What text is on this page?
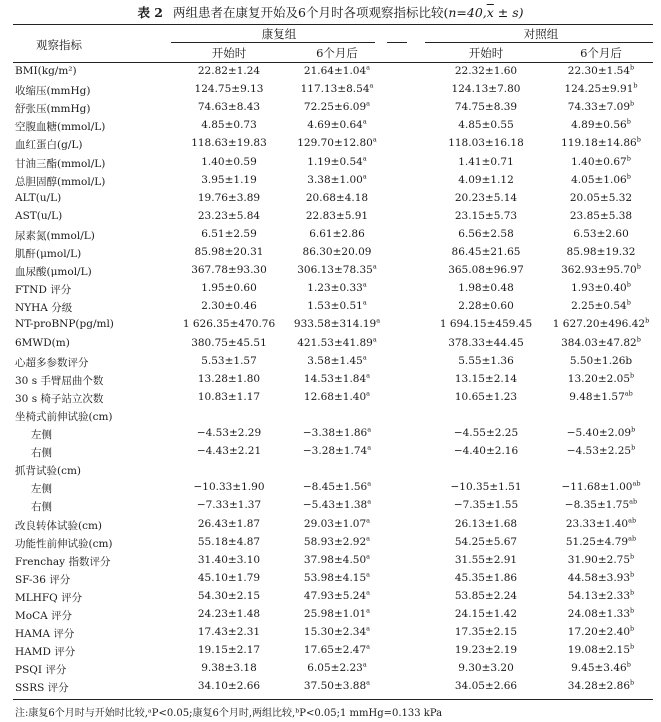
表 2 两组患者在康复开始及6个月时各项观察指标比较$(n=40,\overline{x} \pm s)$
观察指标
康复组	对照组
开始时	6个月后	开始时	6个月后
BMI(kg/m²)	22.82±1.24	21.64±1.04$^a$	22.32±1.60	22.30±1.54$^b$
收缩压(mmHg)	124.75±9.13	117.13±8.54$^a$	124.13±7.80	124.25±9.91$^b$
舒张压(mmHg)	74.63±8.43	72.25±6.09$^a$	74.75±8.39	74.33±7.09$^b$
空腹血糖(mmol/L)	4.85±0.73	4.69±0.64$^a$	4.85±0.55	4.89±0.56$^b$
血红蛋白(g/L)	118.63±19.83	129.70±12.80$^a$	118.03±16.18	119.18±14.86$^b$
甘油三酯(mmol/L)	1.40±0.59	1.19±0.54$^a$	1.41±0.71	1.40±0.67$^b$
总胆固醇(mmol/L)	3.95±1.19	3.38±1.00$^a$	4.09±1.12	4.05±1.06$^b$
ALT(u/L)	19.76±3.89	20.68±4.18	20.23±5.14	20.05±5.32
AST(u/L)	23.23±5.84	22.83±5.91	23.15±5.73	23.85±5.38
尿素氮(mmol/L)	6.51±2.59	6.61±2.86	6.56±2.58	6.53±2.60
肌酐(μmol/L)	85.98±20.31	86.30±20.09	86.45±21.65	85.98±19.32
血尿酸(μmol/L)	367.78±93.30	306.13±78.35$^a$	365.08±96.97	362.93±95.70$^b$
FTND 评分	1.95±0.60	1.23±0.33$^a$	1.98±0.48	1.93±0.40$^b$
NYHA 分级	2.30±0.46	1.53±0.51$^a$	2.28±0.60	2.25±0.54$^b$
NT-proBNP(pg/ml)	1 626.35±470.76	933.58±314.19$^a$	1 694.15±459.45	1 627.20±496.42$^b$
6MWD(m)	380.75±45.51	421.53±41.89$^a$	378.33±44.45	384.03±47.82$^b$
心超多参数评分	5.53±1.57	3.58±1.45$^a$	5.55±1.36	5.50±1.26b
30 s 手臂屈曲个数	13.28±1.80	14.53±1.84$^a$	13.15±2.14	13.20±2.05$^b$
30 s 椅子站立次数	10.83±1.17	12.68±1.40$^a$	10.65±1.23	9.48±1.57$^{ab}$
坐椅式前伸试验(cm)
左侧	−4.53±2.29	−3.38±1.86$^a$	−4.55±2.25	−5.40±2.09$^b$
右侧	−4.43±2.21	−3.28±1.74$^a$	−4.40±2.16	−4.53±2.25$^b$
抓背试验(cm)
左侧	−10.33±1.90	−8.45±1.56$^a$	−10.35±1.51	−11.68±1.00$^{ab}$
右侧	−7.33±1.37	−5.43±1.38$^a$	−7.35±1.55	−8.35±1.75$^{ab}$
改良转体试验(cm)	26.43±1.87	29.03±1.07$^a$	26.13±1.68	23.33±1.40$^{ab}$
功能性前伸试验(cm)	55.18±4.87	58.93±2.92$^a$	54.25±5.67	51.25±4.79$^{ab}$
Frenchay 指数评分	31.40±3.10	37.98±4.50$^a$	31.55±2.91	31.90±2.75$^b$
SF-36 评分	45.10±1.79	53.98±4.15$^a$	45.35±1.86	44.58±3.93$^b$
MLHFQ 评分	54.30±2.15	47.93±5.24$^a$	53.85±2.24	54.13±2.33$^b$
MoCA 评分	24.23±1.48	25.98±1.01$^a$	24.15±1.42	24.08±1.33$^b$
HAMA 评分	17.43±2.31	15.30±2.34$^a$	17.35±2.15	17.20±2.40$^b$
HAMD 评分	19.15±2.17	17.65±2.47$^a$	19.23±2.19	19.08±2.15$^b$
PSQI 评分	9.38±3.18	6.05±2.23$^a$	9.30±3.20	9.45±3.46$^b$
SSRS 评分	34.10±2.66	37.50±3.88$^a$	34.05±2.66	34.28±2.86$^b$
注:康复6个月时与开始时比较,ᵃP<0.05;康复6个月时,两组比较,ᵇP<0.05;1 mmHg=0.133 kPa
